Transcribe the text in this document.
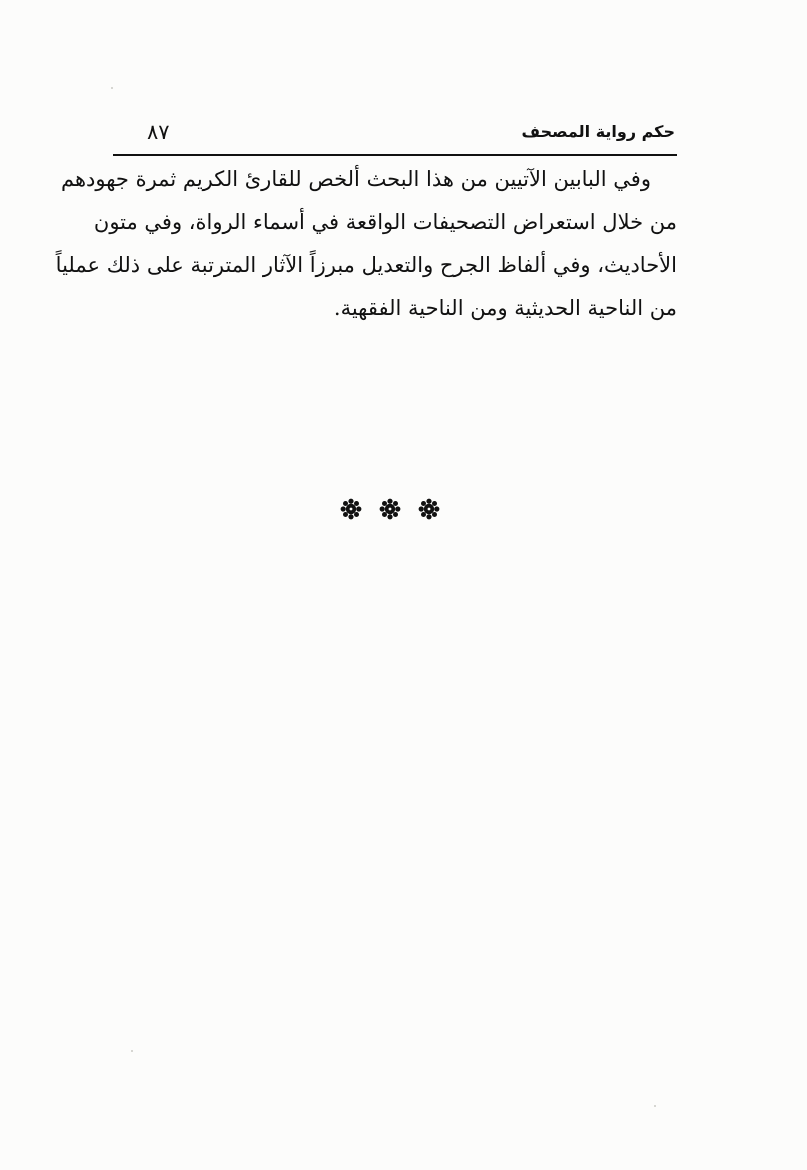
٨٧	حكم رواية المصحف
وفي البابين الآتيين من هذا البحث ألخص للقارئ الكريم ثمرة جهودهم
من خلال استعراض التصحيفات الواقعة في أسماء الرواة، وفي متون
الأحاديث، وفي ألفاظ الجرح والتعديل مبرزاً الآثار المترتبة على ذلك عملياً
من الناحية الحديثية ومن الناحية الفقهية.
